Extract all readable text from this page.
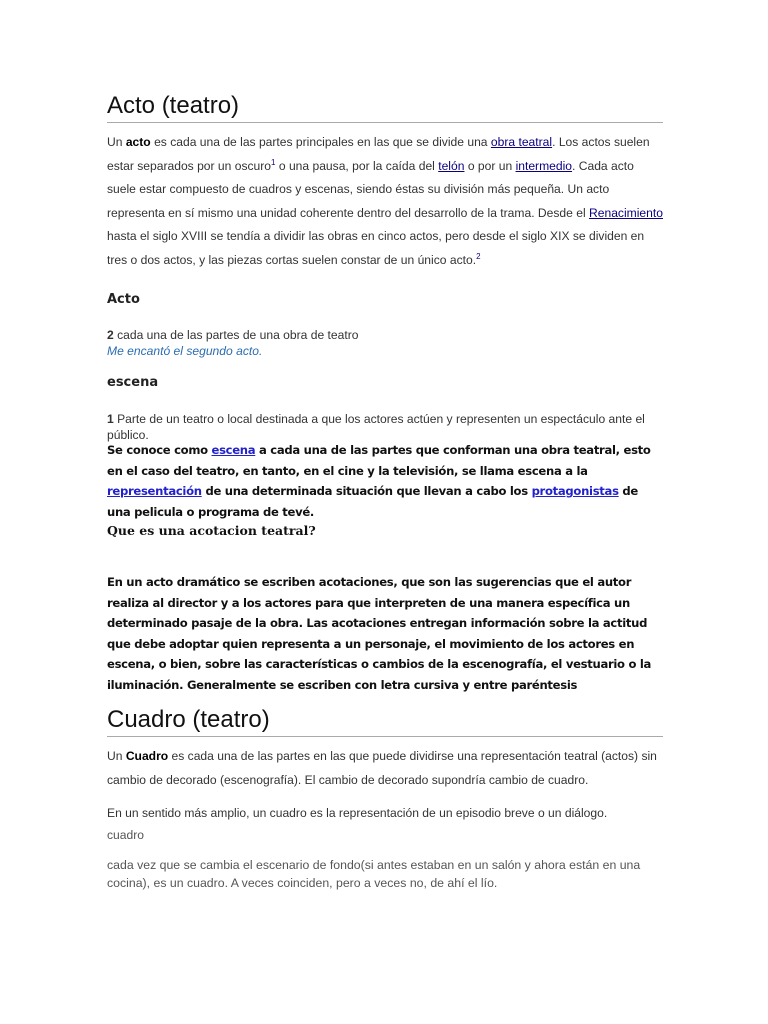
Acto (teatro)

Un acto es cada una de las partes principales en las que se divide una obra teatral. Los actos suelen estar separados por un oscuro$^1$ o una pausa, por la caída del telón o por un intermedio. Cada acto suele estar compuesto de cuadros y escenas, siendo éstas su división más pequeña. Un acto representa en sí mismo una unidad coherente dentro del desarrollo de la trama. Desde el Renacimiento hasta el siglo XVIII se tendía a dividir las obras en cinco actos, pero desde el siglo XIX se dividen en tres o dos actos, y las piezas cortas suelen constar de un único acto.$^2$

Acto

2 cada una de las partes de una obra de teatro

Me encantó el segundo acto.

escena

1 Parte de un teatro o local destinada a que los actores actúen y representen un espectáculo ante el público.

Se conoce como escena a cada una de las partes que conforman una obra teatral, esto en el caso del teatro, en tanto, en el cine y la televisión, se llama escena a la representación de una determinada situación que llevan a cabo los protagonistas de una pelicula o programa de tevé.

Que es una acotacion teatral?

En un acto dramático se escriben acotaciones, que son las sugerencias que el autor realiza al director y a los actores para que interpreten de una manera específica un determinado pasaje de la obra. Las acotaciones entregan información sobre la actitud que debe adoptar quien representa a un personaje, el movimiento de los actores en escena, o bien, sobre las características o cambios de la escenografía, el vestuario o la iluminación. Generalmente se escriben con letra cursiva y entre paréntesis

Cuadro (teatro)

Un Cuadro es cada una de las partes en las que puede dividirse una representación teatral (actos) sin cambio de decorado (escenografía). El cambio de decorado supondría cambio de cuadro.

En un sentido más amplio, un cuadro es la representación de un episodio breve o un diálogo.

cuadro

cada vez que se cambia el escenario de fondo(si antes estaban en un salón y ahora están en una cocina), es un cuadro. A veces coinciden, pero a veces no, de ahí el lío.
